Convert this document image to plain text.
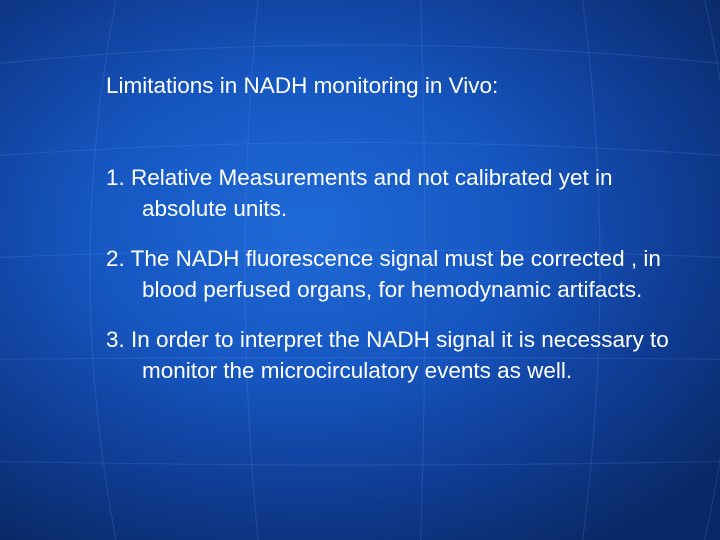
Limitations in NADH monitoring in Vivo:

1. Relative Measurements and not calibrated yet in absolute units.
2. The NADH fluorescence signal must be corrected , in blood perfused organs, for hemodynamic artifacts.
3. In order to interpret the NADH signal it is necessary to monitor the microcirculatory events as well.
